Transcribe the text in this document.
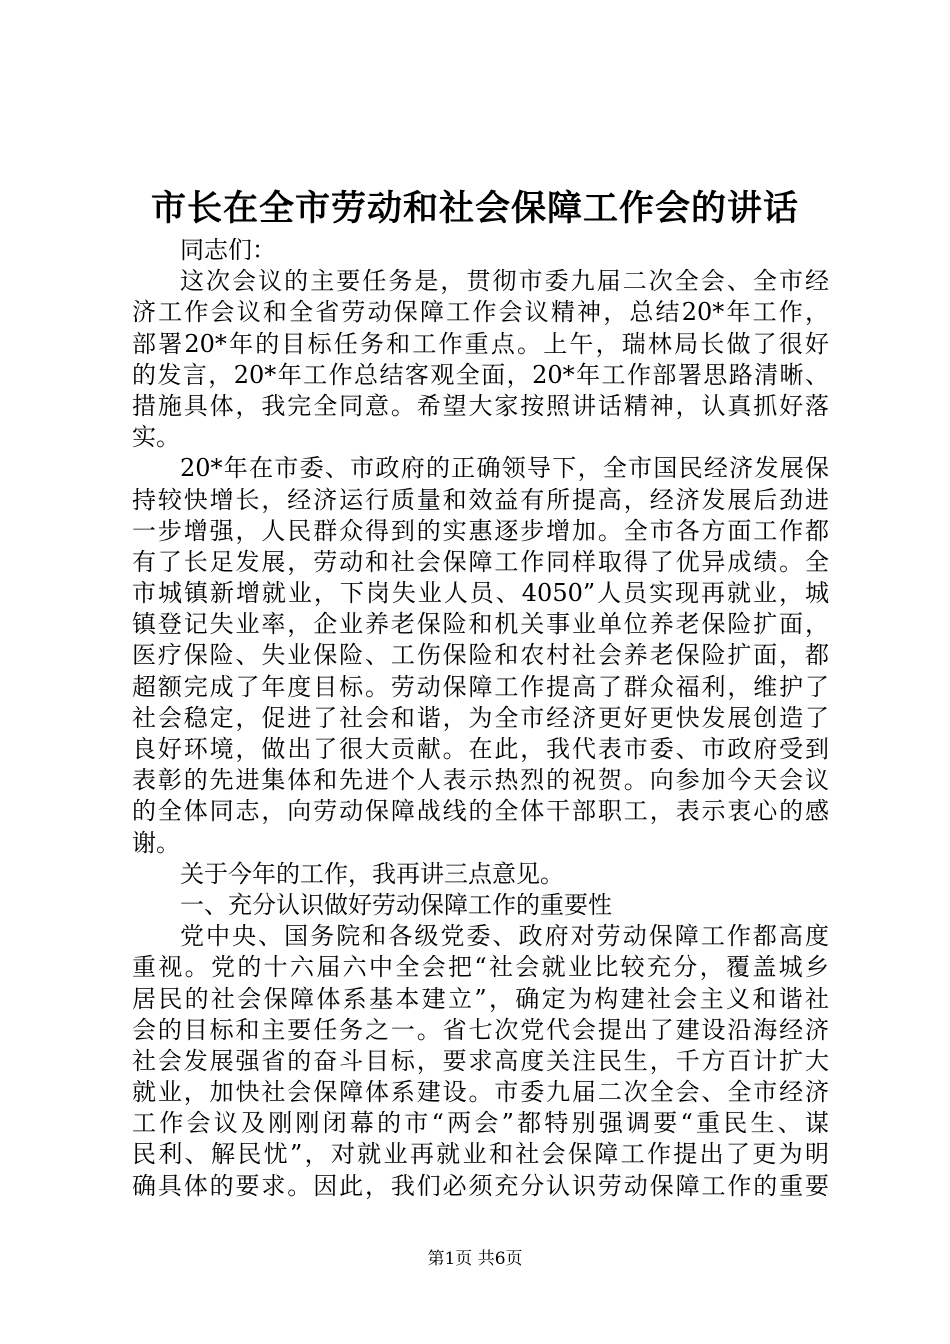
市长在全市劳动和社会保障工作会的讲话
同志们：
这次会议的主要任务是，贯彻市委九届二次全会、全市经
济工作会议和全省劳动保障工作会议精神，总结20*年工作，
部署20*年的目标任务和工作重点。上午，瑞林局长做了很好
的发言，20*年工作总结客观全面，20*年工作部署思路清晰、
措施具体，我完全同意。希望大家按照讲话精神，认真抓好落
实。
20*年在市委、市政府的正确领导下，全市国民经济发展保
持较快增长，经济运行质量和效益有所提高，经济发展后劲进
一步增强，人民群众得到的实惠逐步增加。全市各方面工作都
有了长足发展，劳动和社会保障工作同样取得了优异成绩。全
市城镇新增就业，下岗失业人员、4050”人员实现再就业，城
镇登记失业率，企业养老保险和机关事业单位养老保险扩面，
医疗保险、失业保险、工伤保险和农村社会养老保险扩面，都
超额完成了年度目标。劳动保障工作提高了群众福利，维护了
社会稳定，促进了社会和谐，为全市经济更好更快发展创造了
良好环境，做出了很大贡献。在此，我代表市委、市政府受到
表彰的先进集体和先进个人表示热烈的祝贺。向参加今天会议
的全体同志，向劳动保障战线的全体干部职工，表示衷心的感
谢。
关于今年的工作，我再讲三点意见。
一、充分认识做好劳动保障工作的重要性
党中央、国务院和各级党委、政府对劳动保障工作都高度
重视。党的十六届六中全会把“社会就业比较充分，覆盖城乡
居民的社会保障体系基本建立”，确定为构建社会主义和谐社
会的目标和主要任务之一。省七次党代会提出了建设沿海经济
社会发展强省的奋斗目标，要求高度关注民生，千方百计扩大
就业，加快社会保障体系建设。市委九届二次全会、全市经济
工作会议及刚刚闭幕的市“两会”都特别强调要“重民生、谋
民利、解民忧”，对就业再就业和社会保障工作提出了更为明
确具体的要求。因此，我们必须充分认识劳动保障工作的重要
第1页 共6页
